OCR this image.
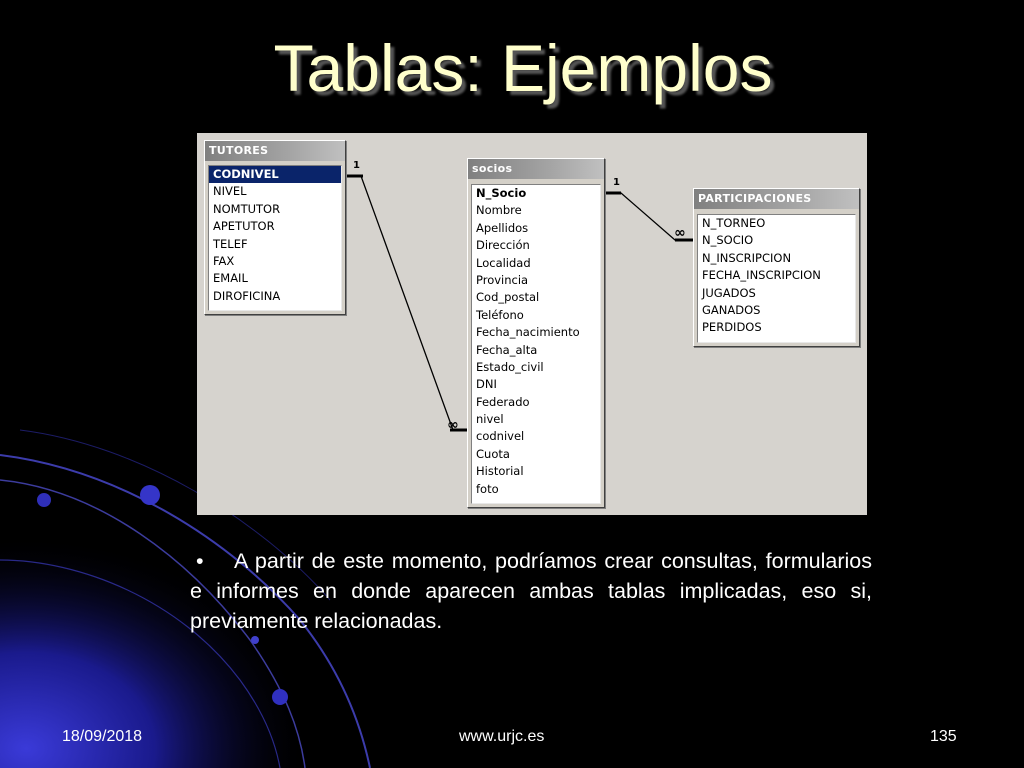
Tablas: Ejemplos
1
∞
1
∞
TUTORES
CODNIVEL
NIVEL
NOMTUTOR
APETUTOR
TELEF
FAX
EMAIL
DIROFICINA
socios
N_Socio
Nombre
Apellidos
Dirección
Localidad
Provincia
Cod_postal
Teléfono
Fecha_nacimiento
Fecha_alta
Estado_civil
DNI
Federado
nivel
codnivel
Cuota
Historial
foto
PARTICIPACIONES
N_TORNEO
N_SOCIO
N_INSCRIPCION
FECHA_INSCRIPCION
JUGADOS
GANADOS
PERDIDOS
• A partir de este momento, podríamos crear consultas, formularios e informes en donde aparecen ambas tablas implicadas, eso si, previamente relacionadas.
18/09/2018	www.urjc.es	135
